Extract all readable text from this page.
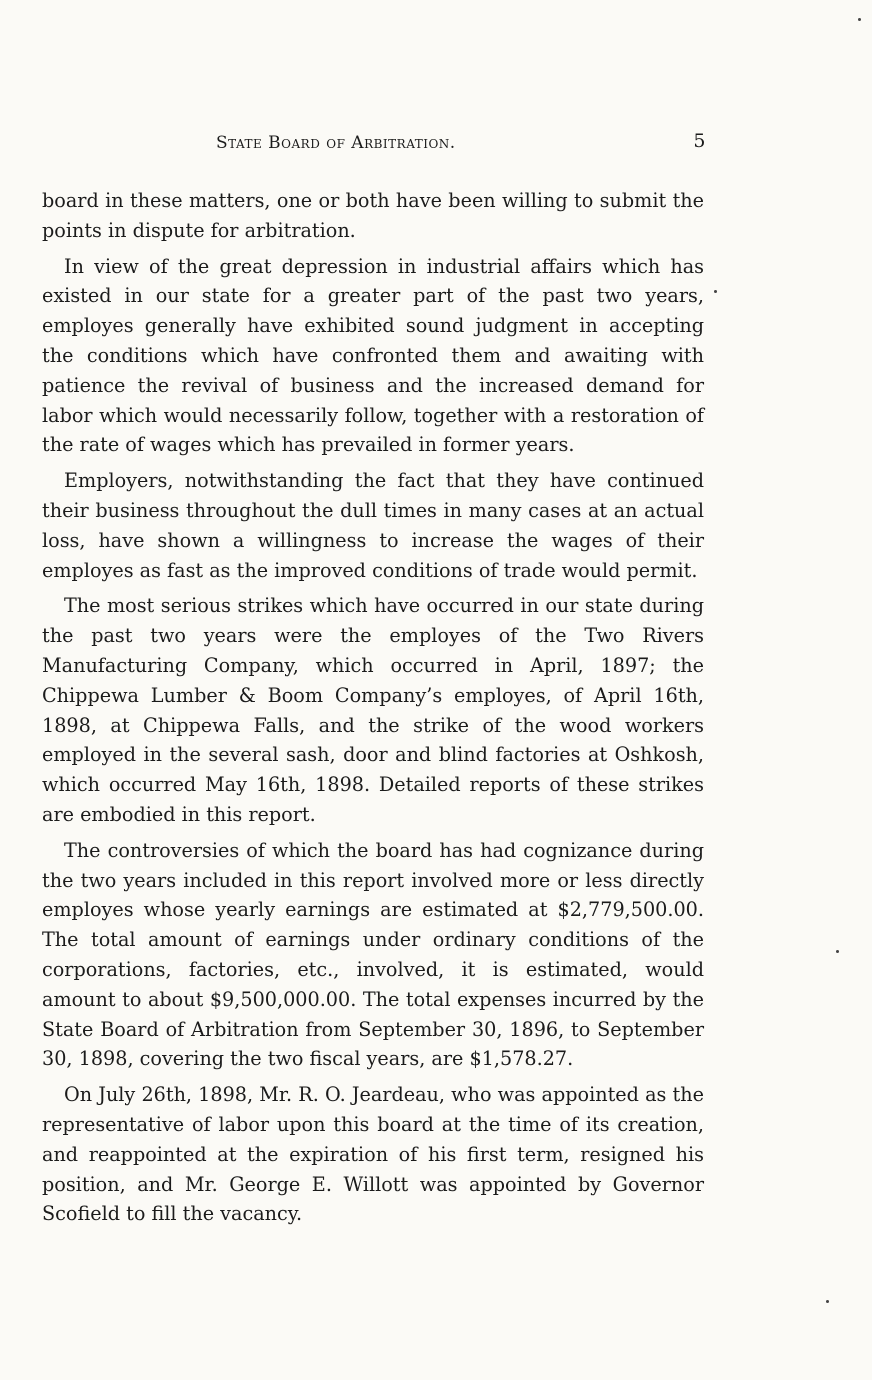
State Board of Arbitration.	5

board in these matters, one or both have been willing to submit the points in dispute for arbitration.

In view of the great depression in industrial affairs which has existed in our state for a greater part of the past two years, employes generally have exhibited sound judgment in accepting the conditions which have confronted them and awaiting with patience the revival of business and the increased demand for labor which would necessarily follow, together with a restoration of the rate of wages which has prevailed in former years.

Employers, notwithstanding the fact that they have continued their business throughout the dull times in many cases at an actual loss, have shown a willingness to increase the wages of their employes as fast as the improved conditions of trade would permit.

The most serious strikes which have occurred in our state during the past two years were the employes of the Two Rivers Manufacturing Company, which occurred in April, 1897; the Chippewa Lumber & Boom Company’s employes, of April 16th, 1898, at Chippewa Falls, and the strike of the wood workers employed in the several sash, door and blind factories at Oshkosh, which occurred May 16th, 1898. Detailed reports of these strikes are embodied in this report.

The controversies of which the board has had cognizance during the two years included in this report involved more or less directly employes whose yearly earnings are estimated at $2,779,500.00. The total amount of earnings under ordinary conditions of the corporations, factories, etc., involved, it is estimated, would amount to about $9,500,000.00. The total expenses incurred by the State Board of Arbitration from September 30, 1896, to September 30, 1898, covering the two fiscal years, are $1,578.27.

On July 26th, 1898, Mr. R. O. Jeardeau, who was appointed as the representative of labor upon this board at the time of its creation, and reappointed at the expiration of his first term, resigned his position, and Mr. George E. Willott was appointed by Governor Scofield to fill the vacancy.
